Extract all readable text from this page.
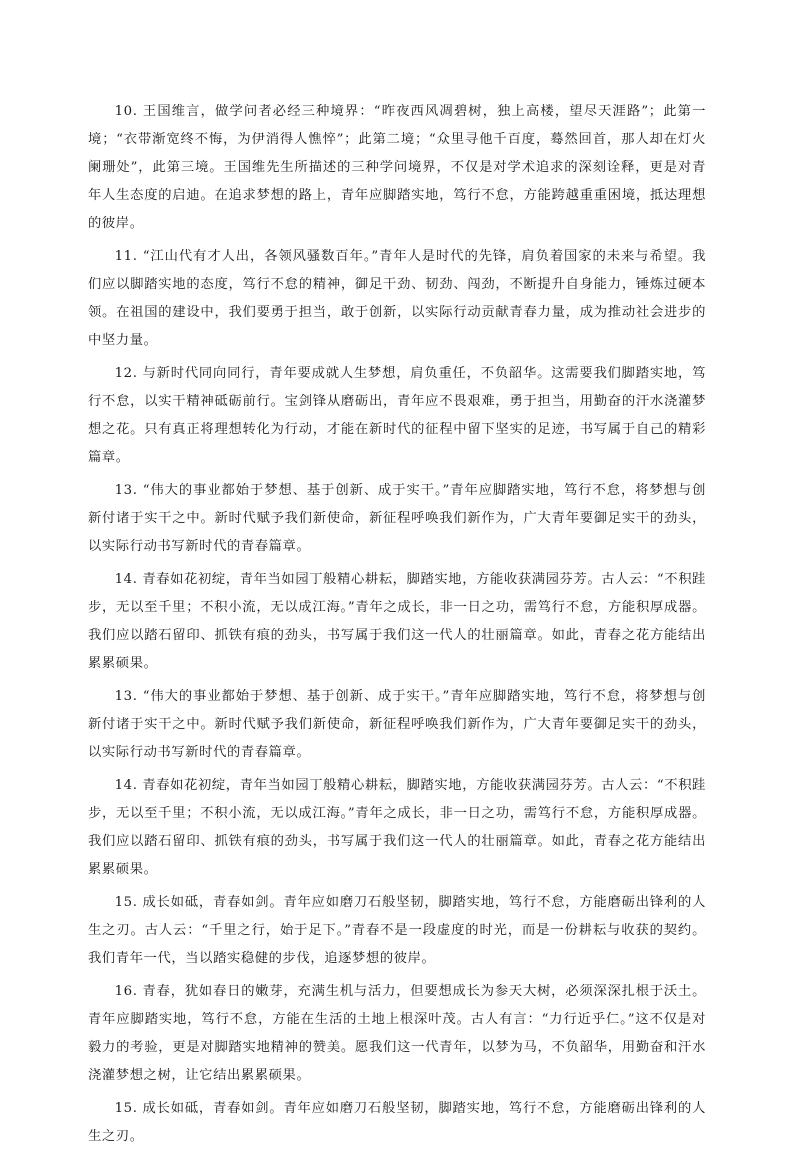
10. 王国维言，做学问者必经三种境界：“昨夜西风凋碧树，独上高楼，望尽天涯路”；此第一境；“衣带渐宽终不悔，为伊消得人憔悴”；此第二境；“众里寻他千百度，蓦然回首，那人却在灯火阑珊处”，此第三境。王国维先生所描述的三种学问境界，不仅是对学术追求的深刻诠释，更是对青年人生态度的启迪。在追求梦想的路上，青年应脚踏实地，笃行不怠，方能跨越重重困境，抵达理想的彼岸。

11. “江山代有才人出，各领风骚数百年。”青年人是时代的先锋，肩负着国家的未来与希望。我们应以脚踏实地的态度，笃行不怠的精神，御足干劲、韧劲、闯劲，不断提升自身能力，锤炼过硬本领。在祖国的建设中，我们要勇于担当，敢于创新，以实际行动贡献青春力量，成为推动社会进步的中坚力量。

12. 与新时代同向同行，青年要成就人生梦想，肩负重任，不负韶华。这需要我们脚踏实地，笃行不怠，以实干精神砥砺前行。宝剑锋从磨砺出，青年应不畏艰难，勇于担当，用勤奋的汗水浇灌梦想之花。只有真正将理想转化为行动，才能在新时代的征程中留下坚实的足迹，书写属于自己的精彩篇章。

13. “伟大的事业都始于梦想、基于创新、成于实干。”青年应脚踏实地，笃行不怠，将梦想与创新付诸于实干之中。新时代赋予我们新使命，新征程呼唤我们新作为，广大青年要御足实干的劲头，以实际行动书写新时代的青春篇章。

14. 青春如花初绽，青年当如园丁般精心耕耘，脚踏实地，方能收获满园芬芳。古人云：“不积跬步，无以至千里；不积小流，无以成江海。”青年之成长，非一日之功，需笃行不怠，方能积厚成器。我们应以踏石留印、抓铁有痕的劲头，书写属于我们这一代人的壮丽篇章。如此，青春之花方能结出累累硕果。

13. “伟大的事业都始于梦想、基于创新、成于实干。”青年应脚踏实地，笃行不怠，将梦想与创新付诸于实干之中。新时代赋予我们新使命，新征程呼唤我们新作为，广大青年要御足实干的劲头，以实际行动书写新时代的青春篇章。

14. 青春如花初绽，青年当如园丁般精心耕耘，脚踏实地，方能收获满园芬芳。古人云：“不积跬步，无以至千里；不积小流，无以成江海。”青年之成长，非一日之功，需笃行不怠，方能积厚成器。我们应以踏石留印、抓铁有痕的劲头，书写属于我们这一代人的壮丽篇章。如此，青春之花方能结出累累硕果。

15. 成长如砥，青春如剑。青年应如磨刀石般坚韧，脚踏实地，笃行不怠，方能磨砺出锋利的人生之刃。古人云：“千里之行，始于足下。”青春不是一段虚度的时光，而是一份耕耘与收获的契约。我们青年一代，当以踏实稳健的步伐，追逐梦想的彼岸。

16. 青春，犹如春日的嫩芽，充满生机与活力，但要想成长为参天大树，必须深深扎根于沃土。青年应脚踏实地，笃行不怠，方能在生活的土地上根深叶茂。古人有言：“力行近乎仁。”这不仅是对毅力的考验，更是对脚踏实地精神的赞美。愿我们这一代青年，以梦为马，不负韶华，用勤奋和汗水浇灌梦想之树，让它结出累累硕果。

15. 成长如砥，青春如剑。青年应如磨刀石般坚韧，脚踏实地，笃行不怠，方能磨砺出锋利的人生之刃。
